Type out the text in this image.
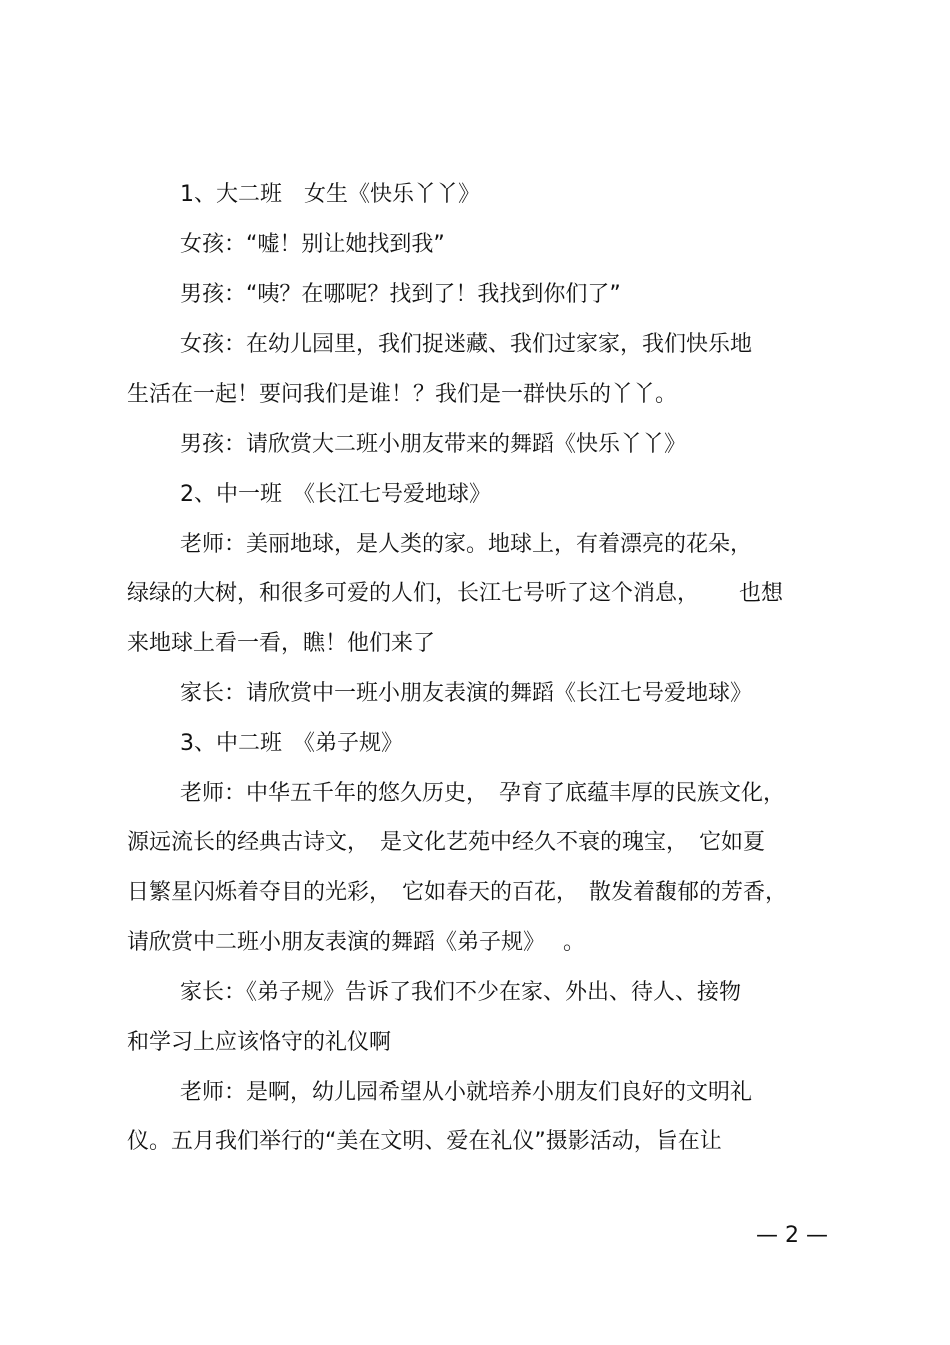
1、大二班　女生《快乐丫丫》
女孩：“嘘！别让她找到我”
男孩：“咦？在哪呢？找到了！我找到你们了”
女孩：在幼儿园里，我们捉迷藏、我们过家家，我们快乐地
生活在一起！要问我们是谁！？我们是一群快乐的丫丫。
男孩：请欣赏大二班小朋友带来的舞蹈《快乐丫丫》
2、中一班　《长江七号爱地球》
老师：美丽地球，是人类的家。地球上，有着漂亮的花朵，
绿绿的大树，和很多可爱的人们，长江七号听了这个消息，　　 也想
来地球上看一看，瞧！他们来了
家长：请欣赏中一班小朋友表演的舞蹈《长江七号爱地球》
3、中二班　《弟子规》
老师：中华五千年的悠久历史，　孕育了底蕴丰厚的民族文化，
源远流长的经典古诗文，　是文化艺苑中经久不衰的瑰宝，　它如夏
日繁星闪烁着夺目的光彩，　它如春天的百花，　散发着馥郁的芳香，
请欣赏中二班小朋友表演的舞蹈《弟子规》　 。
家长：《弟子规》告诉了我们不少在家、外出、待人、接物
和学习上应该恪守的礼仪啊
老师：是啊，幼儿园希望从小就培养小朋友们良好的文明礼
仪。五月我们举行的“美在文明、爱在礼仪”摄影活动，旨在让
— 2 —
